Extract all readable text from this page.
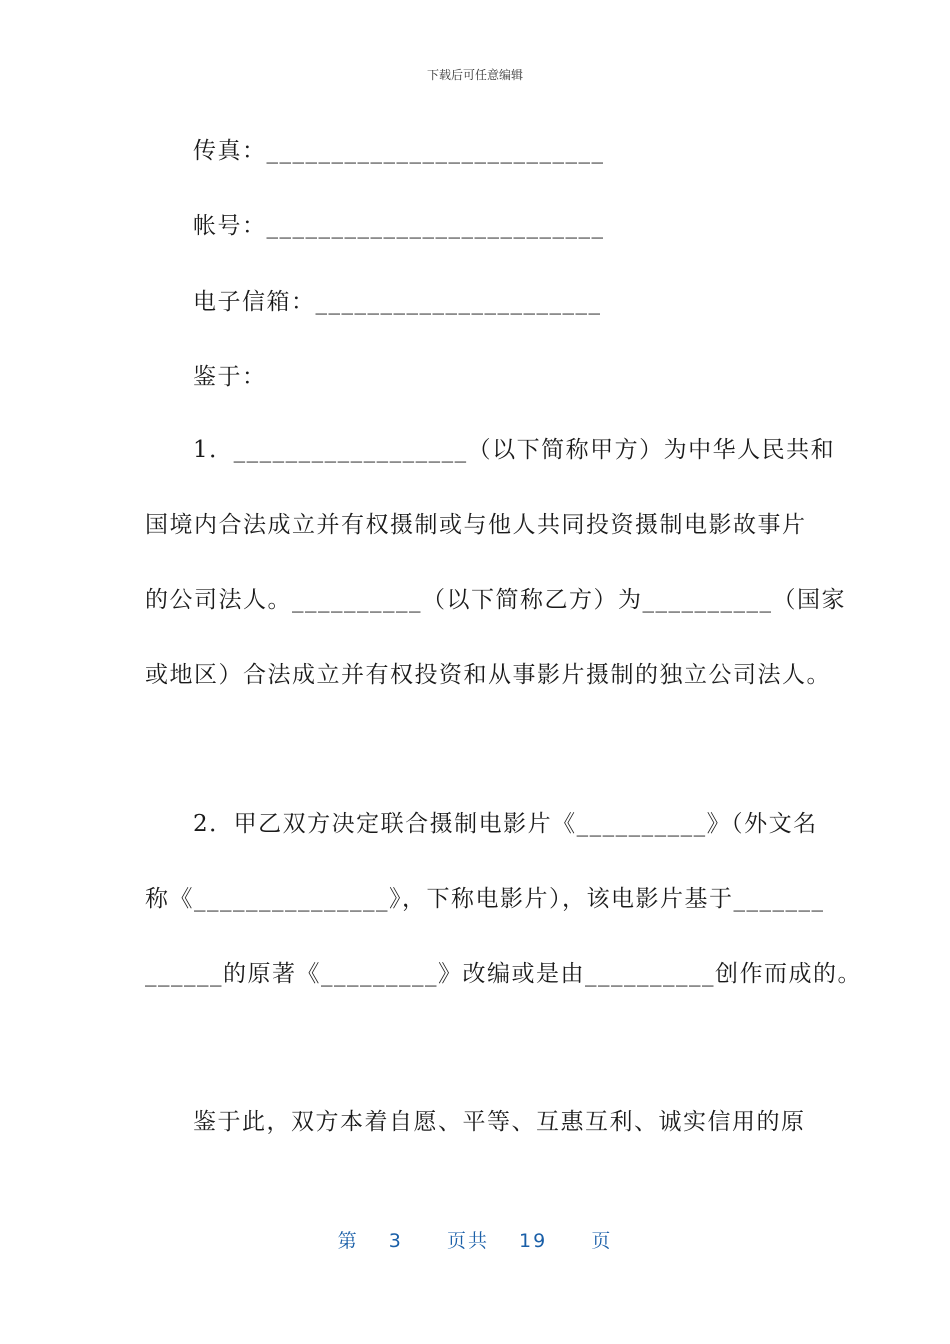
下载后可任意编辑
传真：__________________________
帐号：__________________________
电子信箱：______________________
鉴于：
1．__________________（以下简称甲方）为中华人民共和
国境内合法成立并有权摄制或与他人共同投资摄制电影故事片
的公司法人。__________（以下简称乙方）为__________（国家
或地区）合法成立并有权投资和从事影片摄制的独立公司法人。
2．甲乙双方决定联合摄制电影片《__________》（外文名
称《_______________》，下称电影片），该电影片基于_______
______的原著《_________》改编或是由__________创作而成的。
鉴于此，双方本着自愿、平等、互惠互利、诚实信用的原
第 3 页共 19 页
